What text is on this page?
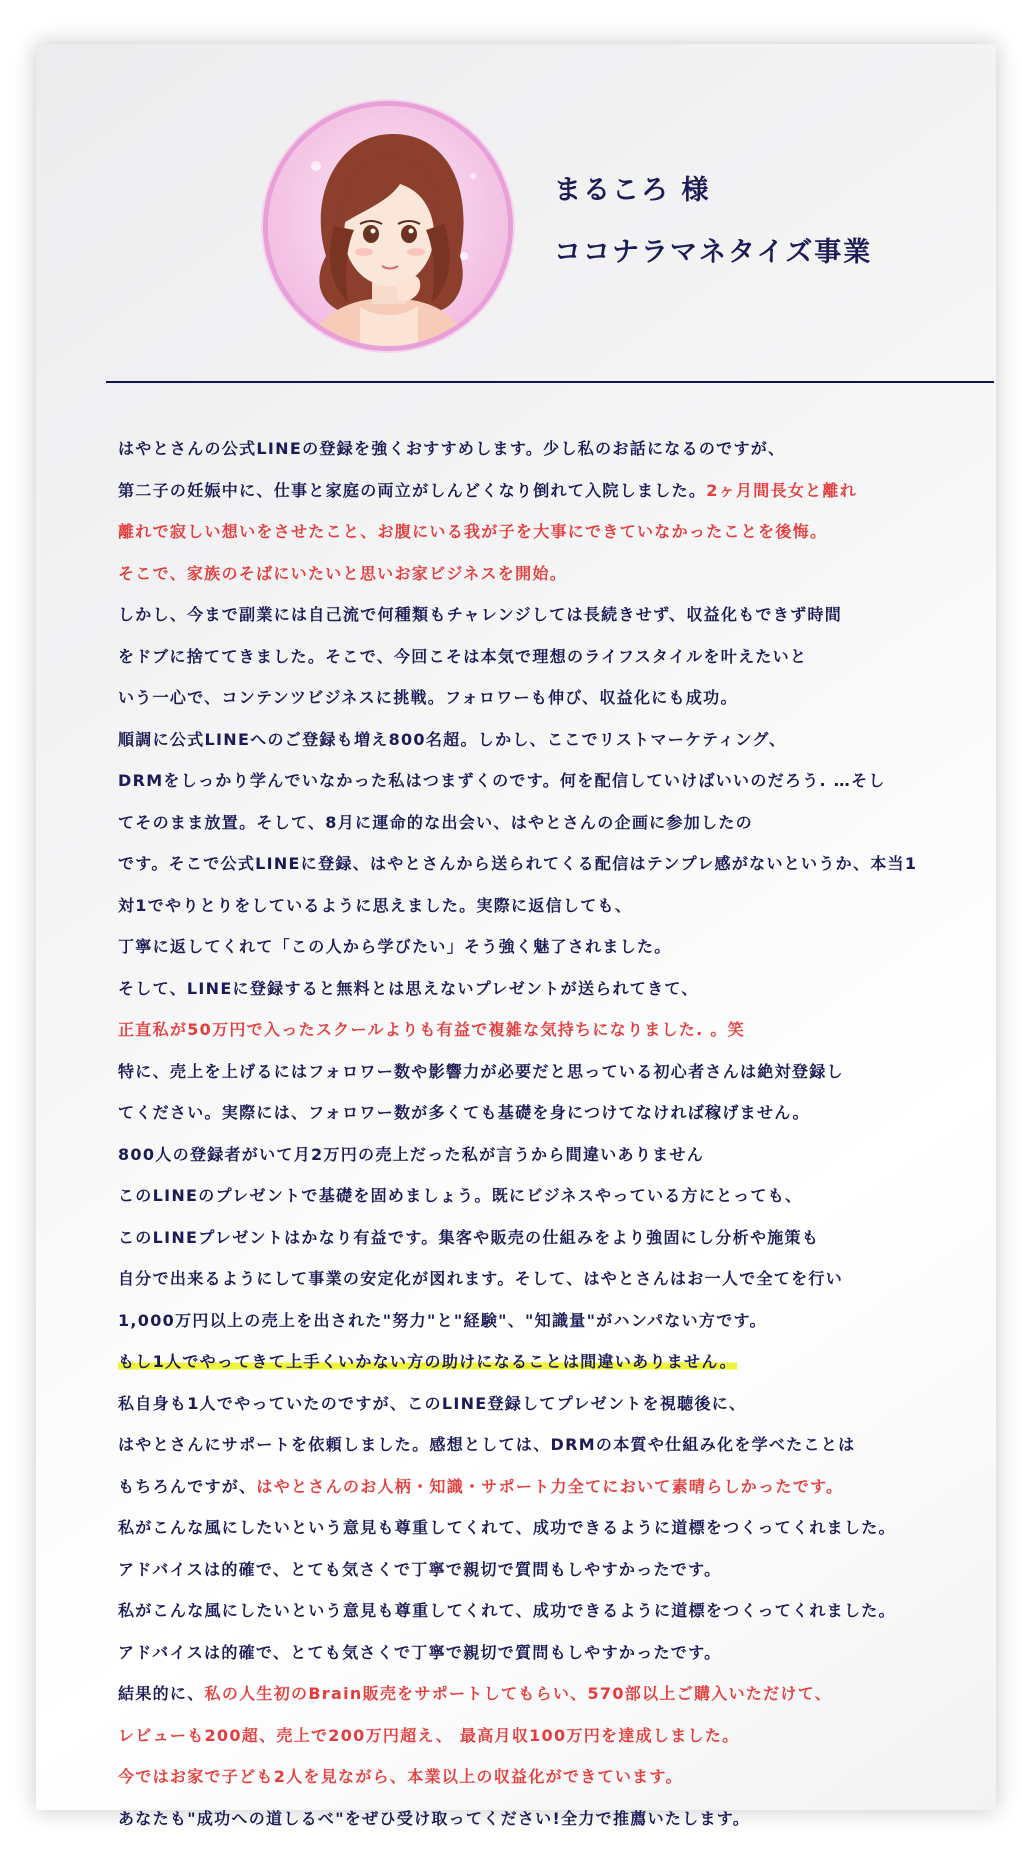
まるころ 様
ココナラマネタイズ事業
はやとさんの公式LINEの登録を強くおすすめします。少し私のお話になるのですが、
第二子の妊娠中に、仕事と家庭の両立がしんどくなり倒れて入院しました。2ヶ月間長女と離れ
離れで寂しい想いをさせたこと、お腹にいる我が子を大事にできていなかったことを後悔。
そこで、家族のそばにいたいと思いお家ビジネスを開始。
しかし、今まで副業には自己流で何種類もチャレンジしては長続きせず、収益化もできず時間
をドブに捨ててきました。そこで、今回こそは本気で理想のライフスタイルを叶えたいと
いう一心で、コンテンツビジネスに挑戦。フォロワーも伸び、収益化にも成功。
順調に公式LINEへのご登録も増え800名超。しかし、ここでリストマーケティング、
DRMをしっかり学んでいなかった私はつまずくのです。何を配信していけばいいのだろう. …そし
てそのまま放置。そして、8月に運命的な出会い、はやとさんの企画に参加したの
です。そこで公式LINEに登録、はやとさんから送られてくる配信はテンプレ感がないというか、本当1
対1でやりとりをしているように思えました。実際に返信しても、
丁寧に返してくれて「この人から学びたい」そう強く魅了されました。
そして、LINEに登録すると無料とは思えないプレゼントが送られてきて、
正直私が50万円で入ったスクールよりも有益で複雑な気持ちになりました. 。笑
特に、売上を上げるにはフォロワー数や影響力が必要だと思っている初心者さんは絶対登録し
てください。実際には、フォロワー数が多くても基礎を身につけてなければ稼げません。
800人の登録者がいて月2万円の売上だった私が言うから間違いありません
このLINEのプレゼントで基礎を固めましょう。既にビジネスやっている方にとっても、
このLINEプレゼントはかなり有益です。集客や販売の仕組みをより強固にし分析や施策も
自分で出来るようにして事業の安定化が図れます。そして、はやとさんはお一人で全てを行い
1,000万円以上の売上を出された"努力"と"経験"、"知識量"がハンパない方です。
もし1人でやってきて上手くいかない方の助けになることは間違いありません。
私自身も1人でやっていたのですが、このLINE登録してプレゼントを視聴後に、
はやとさんにサポートを依頼しました。感想としては、DRMの本質や仕組み化を学べたことは
もちろんですが、はやとさんのお人柄・知識・サポート力全てにおいて素晴らしかったです。
私がこんな風にしたいという意見も尊重してくれて、成功できるように道標をつくってくれました。
アドバイスは的確で、とても気さくで丁寧で親切で質問もしやすかったです。
私がこんな風にしたいという意見も尊重してくれて、成功できるように道標をつくってくれました。
アドバイスは的確で、とても気さくで丁寧で親切で質問もしやすかったです。
結果的に、私の人生初のBrain販売をサポートしてもらい、570部以上ご購入いただけて、
レビューも200超、売上で200万円超え、 最高月収100万円を達成しました。
今ではお家で子ども2人を見ながら、本業以上の収益化ができています。
あなたも"成功への道しるべ"をぜひ受け取ってください!全力で推薦いたします。
